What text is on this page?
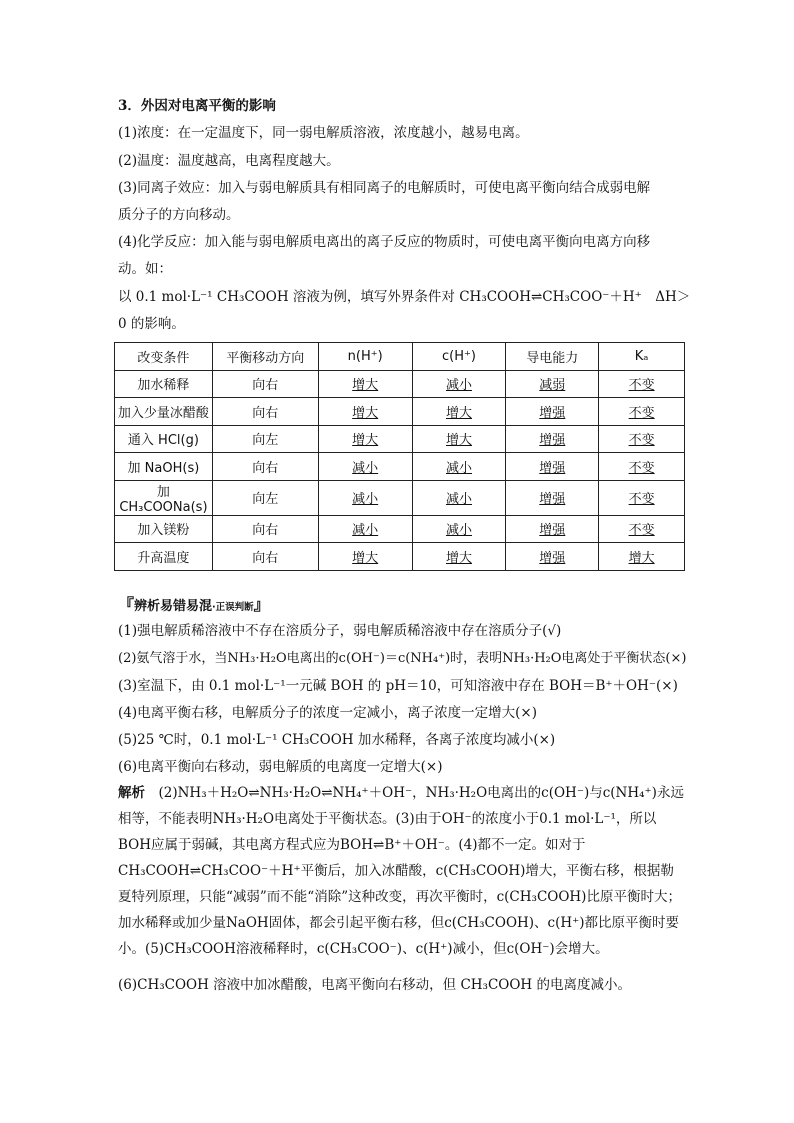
3．外因对电离平衡的影响
(1)浓度：在一定温度下，同一弱电解质溶液，浓度越小，越易电离。
(2)温度：温度越高，电离程度越大。
(3)同离子效应：加入与弱电解质具有相同离子的电解质时，可使电离平衡向结合成弱电解
质分子的方向移动。
(4)化学反应：加入能与弱电解质电离出的离子反应的物质时，可使电离平衡向电离方向移
动。如：
以 0.1 mol·L⁻¹ CH₃COOH 溶液为例，填写外界条件对 CH₃COOH⇌CH₃COO⁻＋H⁺　ΔH＞
0 的影响。
改变条件	平衡移动方向	n(H⁺)	c(H⁺)	导电能力	Kₐ
加水稀释	向右	增大	减小	减弱	不变
加入少量冰醋酸	向右	增大	增大	增强	不变
通入 HCl(g)	向左	增大	增大	增强	不变
加 NaOH(s)	向右	减小	减小	增强	不变
加 CH₃COONa(s)	向左	减小	减小	增强	不变
加入镁粉	向右	减小	减小	增强	不变
升高温度	向右	增大	增大	增强	增大
『辨析易错易混·正误判断』
(1)强电解质稀溶液中不存在溶质分子，弱电解质稀溶液中存在溶质分子(√)
(2)氨气溶于水，当NH₃·H₂O电离出的c(OH⁻)＝c(NH₄⁺)时，表明NH₃·H₂O电离处于平衡状态(×)
(3)室温下，由 0.1 mol·L⁻¹一元碱 BOH 的 pH＝10，可知溶液中存在 BOH＝B⁺＋OH⁻(×)
(4)电离平衡右移，电解质分子的浓度一定减小，离子浓度一定增大(×)
(5)25 ℃时，0.1 mol·L⁻¹ CH₃COOH 加水稀释，各离子浓度均减小(×)
(6)电离平衡向右移动，弱电解质的电离度一定增大(×)
解析　(2)NH₃＋H₂O⇌NH₃·H₂O⇌NH₄⁺＋OH⁻，NH₃·H₂O电离出的c(OH⁻)与c(NH₄⁺)永远相等，不能表明NH₃·H₂O电离处于平衡状态。(3)由于OH⁻的浓度小于0.1 mol·L⁻¹，所以BOH应属于弱碱，其电离方程式应为BOH⇌B⁺＋OH⁻。(4)都不一定。如对于CH₃COOH⇌CH₃COO⁻＋H⁺平衡后，加入冰醋酸，c(CH₃COOH)增大，平衡右移，根据勒夏特列原理，只能“减弱”而不能“消除”这种改变，再次平衡时，c(CH₃COOH)比原平衡时大；加水稀释或加少量NaOH固体，都会引起平衡右移，但c(CH₃COOH)、c(H⁺)都比原平衡时要小。(5)CH₃COOH溶液稀释时，c(CH₃COO⁻)、c(H⁺)减小，但c(OH⁻)会增大。
(6)CH₃COOH 溶液中加冰醋酸，电离平衡向右移动，但 CH₃COOH 的电离度减小。
